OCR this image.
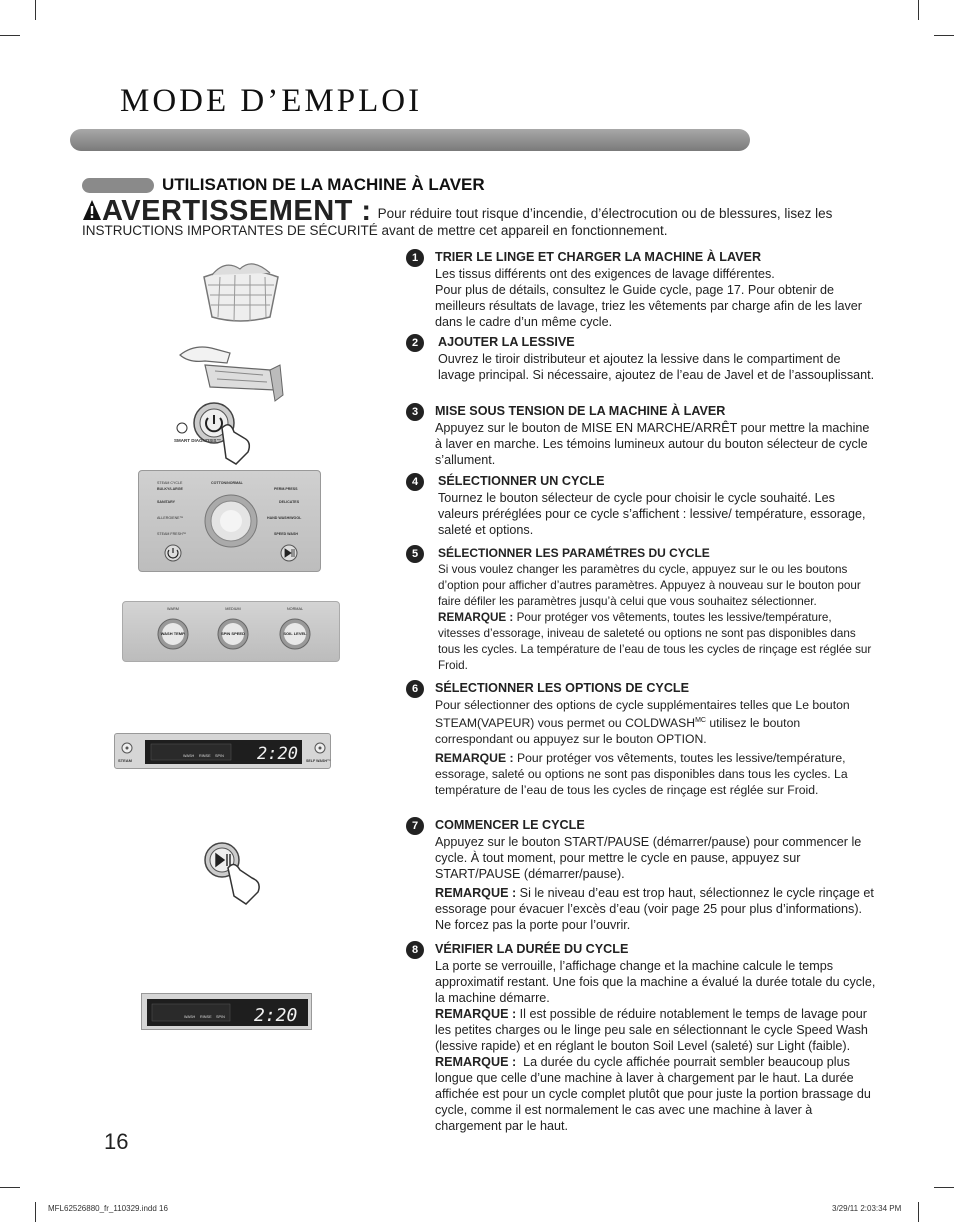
MODE D’EMPLOI
UTILISATION DE LA MACHINE À LAVER
AVERTISSEMENT : Pour réduire tout risque d’incendie, d’électrocution ou de blessures, lisez les INSTRUCTIONS IMPORTANTES DE SÉCURITÉ avant de mettre cet appareil en fonctionnement.
SMART DIAGNOSIS™
STEAM CYCLE
BULKY/LARGE
COTTON/NORMAL
PERM.PRESS
SANITARY	DELICATES
ALLERGIENE™	HAND WASH/WOOL
STEAM FRESH™	SPEED WASH
WARM	MEDIUM	NORMAL
WASH TEMP.	SPIN SPEED	SOIL LEVEL
STEAM	SELF WASH™
WASH RINSE SPIN 2:20
WASH RINSE SPIN 2:20
1	TRIER LE LINGE ET CHARGER LA MACHINE À LAVER

Les tissus différents ont des exigences de lavage différentes.

Pour plus de détails, consultez le Guide cycle, page 17. Pour obtenir de meilleurs résultats de lavage, triez les vêtements par charge afin de les laver dans le cadre d’un même cycle.

2	AJOUTER LA LESSIVE

Ouvrez le tiroir distributeur et ajoutez la lessive dans le compartiment de lavage principal. Si nécessaire, ajoutez de l’eau de Javel et de l’assouplissant.

3	MISE SOUS TENSION DE LA MACHINE À LAVER

Appuyez sur le bouton de MISE EN MARCHE/ARRÊT pour mettre la machine à laver en marche. Les témoins lumineux autour du bouton sélecteur de cycle s’allument.

4	SÉLECTIONNER UN CYCLE

Tournez le bouton sélecteur de cycle pour choisir le cycle souhaité. Les valeurs préréglées pour ce cycle s’affichent : lessive/ température, essorage, saleté et options.

5	SÉLECTIONNER LES PARAMÉTRES DU CYCLE

Si vous voulez changer les paramètres du cycle, appuyez sur le ou les boutons d’option pour afficher d’autres paramètres. Appuyez à nouveau sur le bouton pour faire défiler les paramètres jusqu’à celui que vous souhaitez sélectionner.

REMARQUE : Pour protéger vos vêtements, toutes les lessive/température, vitesses d’essorage, iniveau de saleteté ou options ne sont pas disponibles dans tous les cycles. La température de l’eau de tous les cycles de rinçage est réglée sur Froid.

6	SÉLECTIONNER LES OPTIONS DE CYCLE

Pour sélectionner des options de cycle supplémentaires telles que Le bouton STEAM(VAPEUR) vous permet ou $COLDWASH^{MC}$ utilisez le bouton correspondant ou appuyez sur le bouton OPTION.

REMARQUE : Pour protéger vos vêtements, toutes les lessive/température, essorage, saleté ou options ne sont pas disponibles dans tous les cycles. La température de l’eau de tous les cycles de rinçage est réglée sur Froid.

7	COMMENCER LE CYCLE

Appuyez sur le bouton START/PAUSE (démarrer/pause) pour commencer le cycle. À tout moment, pour mettre le cycle en pause, appuyez sur START/PAUSE (démarrer/pause).

REMARQUE : Si le niveau d’eau est trop haut, sélectionnez le cycle rinçage et essorage pour évacuer l’excès d’eau (voir page 25 pour plus d’informations). Ne forcez pas la porte pour l’ouvrir.

8	VÉRIFIER LA DURÉE DU CYCLE

La porte se verrouille, l’affichage change et la machine calcule le temps approximatif restant. Une fois que la machine a évalué la durée totale du cycle, la machine démarre.

REMARQUE : Il est possible de réduire notablement le temps de lavage pour les petites charges ou le linge peu sale en sélectionnant le cycle Speed Wash (lessive rapide) et en réglant le bouton Soil Level (saleté) sur Light (faible).

REMARQUE : La durée du cycle affichée pourrait sembler beaucoup plus longue que celle d’une machine à laver à chargement par le haut. La durée affichée est pour un cycle complet plutôt que pour juste la portion brassage du cycle, comme il est normalement le cas avec une machine à laver à chargement par le haut.

16
MFL62526880_fr_110329.indd 16	3/29/11 2:03:34 PM
